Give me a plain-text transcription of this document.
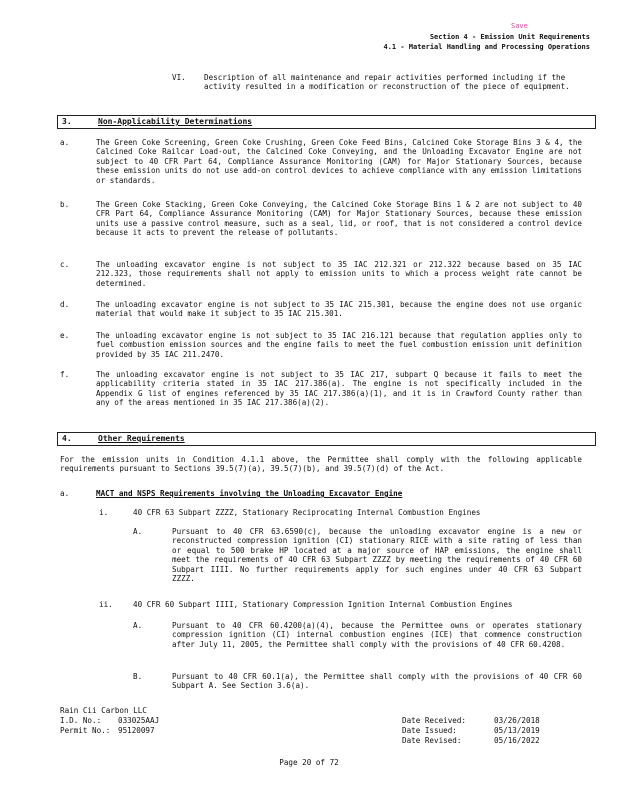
Save
Section 4 - Emission Unit Requirements
4.1 - Material Handling and Processing Operations
VI. Description of all maintenance and repair activities performed including if the activity resulted in a modification or reconstruction of the piece of equipment.
3.	Non-Applicability Determinations
a.	The Green Coke Screening, Green Coke Crushing, Green Coke Feed Bins, Calcined Coke Storage Bins 3 & 4, the Calcined Coke Railcar Load-out, the Calcined Coke Conveying, and the Unloading Excavator Engine are not subject to 40 CFR Part 64, Compliance Assurance Monitoring (CAM) for Major Stationary Sources, because these emission units do not use add-on control devices to achieve compliance with any emission limitations or standards.
b.	The Green Coke Stacking, Green Coke Conveying, the Calcined Coke Storage Bins 1 & 2 are not subject to 40 CFR Part 64, Compliance Assurance Monitoring (CAM) for Major Stationary Sources, because these emission units use a passive control measure, such as a seal, lid, or roof, that is not considered a control device because it acts to prevent the release of pollutants.
c.	The unloading excavator engine is not subject to 35 IAC 212.321 or 212.322 because based on 35 IAC 212.323, those requirements shall not apply to emission units to which a process weight rate cannot be determined.
d.	The unloading excavator engine is not subject to 35 IAC 215.301, because the engine does not use organic material that would make it subject to 35 IAC 215.301.
e.	The unloading excavator engine is not subject to 35 IAC 216.121 because that regulation applies only to fuel combustion emission sources and the engine fails to meet the fuel combustion emission unit definition provided by 35 IAC 211.2470.
f.	The unloading excavator engine is not subject to 35 IAC 217, subpart Q because it fails to meet the applicability criteria stated in 35 IAC 217.386(a). The engine is not specifically included in the Appendix G list of engines referenced by 35 IAC 217.386(a)(1), and it is in Crawford County rather than any of the areas mentioned in 35 IAC 217.386(a)(2).
4.	Other Requirements
For the emission units in Condition 4.1.1 above, the Permittee shall comply with the following applicable requirements pursuant to Sections 39.5(7)(a), 39.5(7)(b), and 39.5(7)(d) of the Act.
a.	MACT and NSPS Requirements involving the Unloading Excavator Engine
i.	40 CFR 63 Subpart ZZZZ, Stationary Reciprocating Internal Combustion Engines
A.	Pursuant to 40 CFR 63.6590(c), because the unloading excavator engine is a new or reconstructed compression ignition (CI) stationary RICE with a site rating of less than or equal to 500 brake HP located at a major source of HAP emissions, the engine shall meet the requirements of 40 CFR 63 Subpart ZZZZ by meeting the requirements of 40 CFR 60 Subpart IIII. No further requirements apply for such engines under 40 CFR 63 Subpart ZZZZ.
ii.	40 CFR 60 Subpart IIII, Stationary Compression Ignition Internal Combustion Engines
A.	Pursuant to 40 CFR 60.4200(a)(4), because the Permittee owns or operates stationary compression ignition (CI) internal combustion engines (ICE) that commence construction after July 11, 2005, the Permittee shall comply with the provisions of 40 CFR 60.4208.
B.	Pursuant to 40 CFR 60.1(a), the Permittee shall comply with the provisions of 40 CFR 60 Subpart A. See Section 3.6(a).
Rain Cii Carbon LLC
I.D. No.: 033025AAJ
Permit No.: 95120097
Date Received:	03/26/2018
Date Issued:	05/13/2019
Date Revised:	05/16/2022
Page 20 of 72
